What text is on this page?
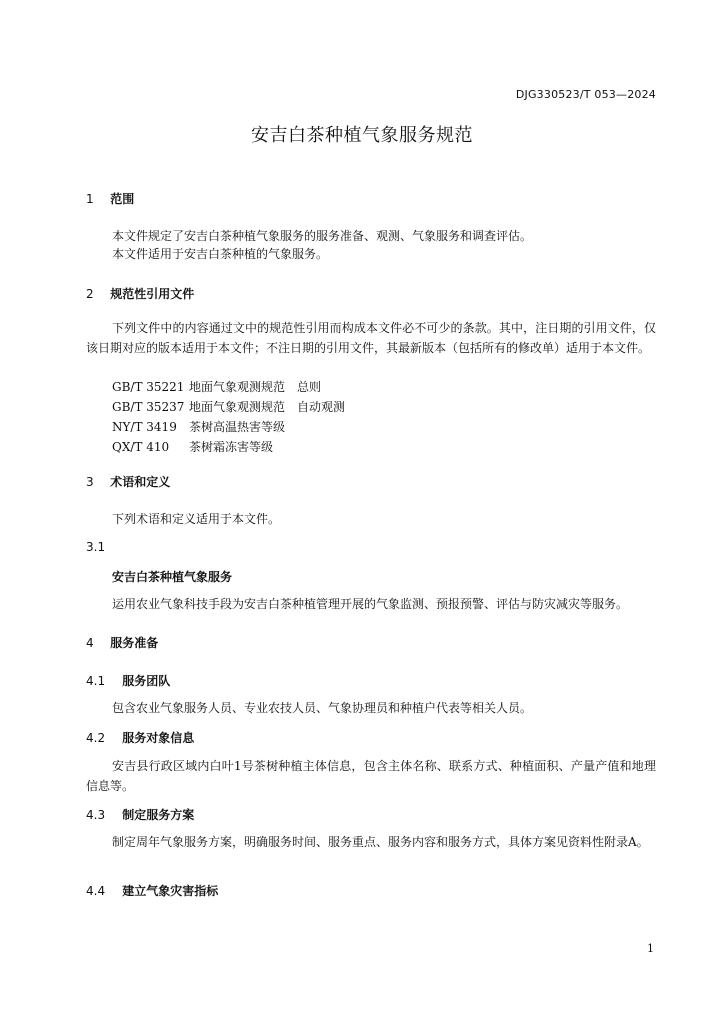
DJG330523/T 053—2024
安吉白茶种植气象服务规范
1 范围
本文件规定了安吉白茶种植气象服务的服务准备、观测、气象服务和调查评估。
本文件适用于安吉白茶种植的气象服务。
2 规范性引用文件
下列文件中的内容通过文中的规范性引用而构成本文件必不可少的条款。其中，注日期的引用文件，仅该日期对应的版本适用于本文件；不注日期的引用文件，其最新版本（包括所有的修改单）适用于本文件。
GB/T 35221 地面气象观测规范　总则
GB/T 35237 地面气象观测规范　自动观测
NY/T 3419 茶树高温热害等级
QX/T 410 茶树霜冻害等级
3 术语和定义
下列术语和定义适用于本文件。
3.1
安吉白茶种植气象服务
运用农业气象科技手段为安吉白茶种植管理开展的气象监测、预报预警、评估与防灾减灾等服务。
4 服务准备
4.1 服务团队
包含农业气象服务人员、专业农技人员、气象协理员和种植户代表等相关人员。
4.2 服务对象信息
安吉县行政区域内白叶1号茶树种植主体信息，包含主体名称、联系方式、种植面积、产量产值和地理信息等。
4.3 制定服务方案
制定周年气象服务方案，明确服务时间、服务重点、服务内容和服务方式，具体方案见资料性附录A。
4.4 建立气象灾害指标
1
